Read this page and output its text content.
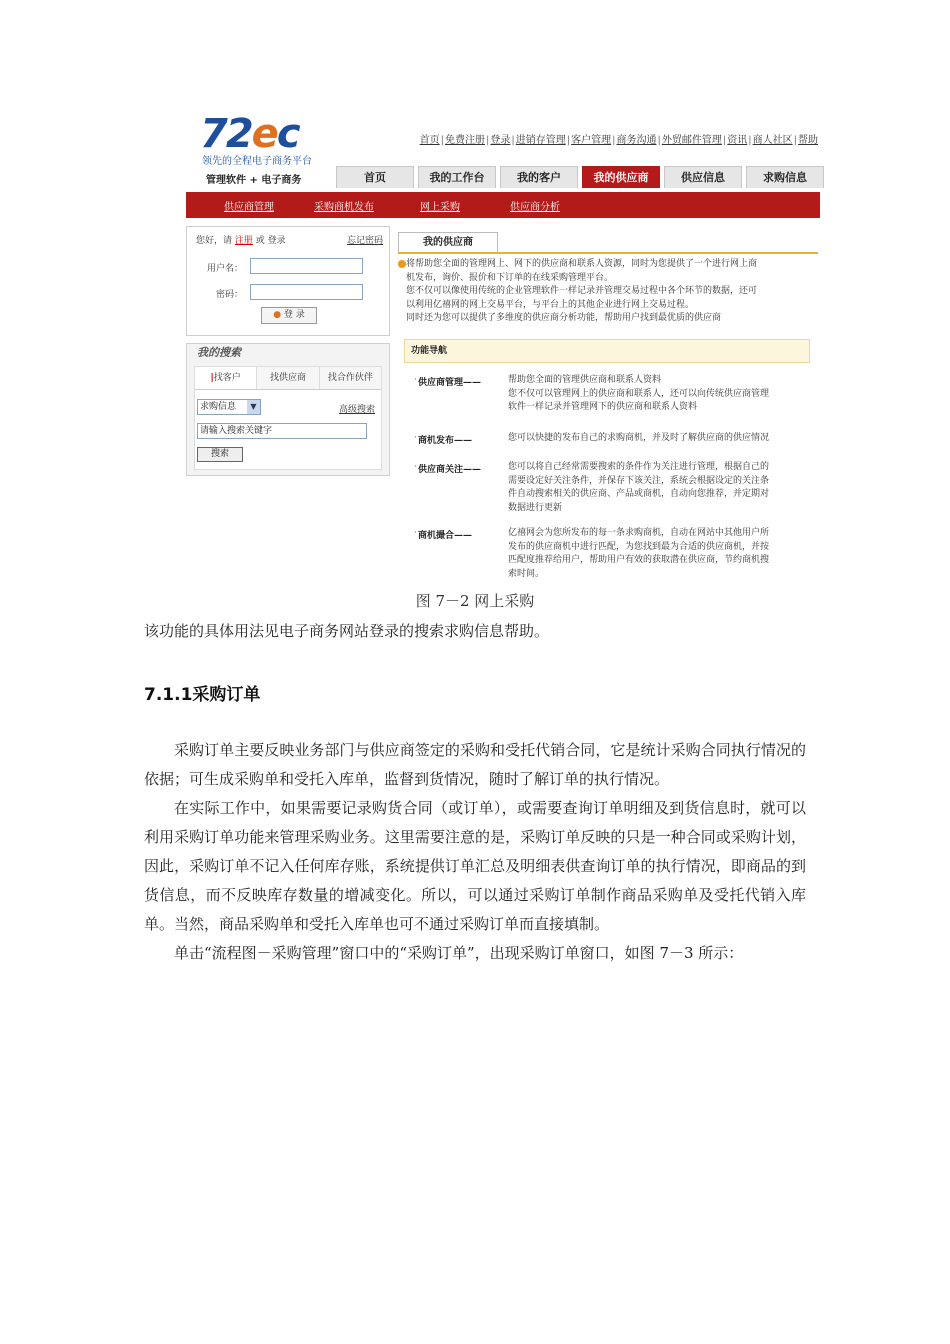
72ec
领先的全程电子商务平台
首页|免费注册|登录|进销存管理|客户管理|商务沟通|外贸邮件管理|资讯|商人社区|帮助
管理软件 + 电子商务	首页	我的工作台	我的客户	我的供应商	供应信息	求购信息
供应商管理	采购商机发布	网上采购	供应商分析
您好，请 注册 或 登录	忘记密码
用户名：
密码：
● 登 录
我的搜索
|找客户	找供应商	找合作伙伴
求购信息	▼	高级搜索
请输入搜索关键字
搜索
我的供应商

将帮助您全面的管理网上、网下的供应商和联系人资源，同时为您提供了一个进行网上商

机发布，询价、报价和下订单的在线采购管理平台。

您不仅可以像使用传统的企业管理软件一样记录并管理交易过程中各个环节的数据，还可

以利用亿禧网的网上交易平台，与平台上的其他企业进行网上交易过程。

同时还为您可以提供了多维度的供应商分析功能，帮助用户找到最优质的供应商

功能导航
· 供应商管理——	帮助您全面的管理供应商和联系人资料

您不仅可以管理网上的供应商和联系人，还可以向传统供应商管理

软件一样记录并管理网下的供应商和联系人资料

· 商机发布——	您可以快捷的发布自己的求购商机，并及时了解供应商的供应情况

· 供应商关注——	您可以将自己经常需要搜索的条件作为关注进行管理，根据自己的

需要设定好关注条件，并保存下该关注，系统会根据设定的关注条

件自动搜索相关的供应商、产品或商机，自动向您推荐，并定期对

数据进行更新

· 商机撮合——	亿禧网会为您所发布的每一条求购商机，自动在网站中其他用户所

发布的供应商机中进行匹配，为您找到最为合适的供应商机，并按

匹配度推荐给用户，帮助用户有效的获取潜在供应商，节约商机搜

索时间。

图 7－2 网上采购
该功能的具体用法见电子商务网站登录的搜索求购信息帮助。
7.1.1采购订单

采购订单主要反映业务部门与供应商签定的采购和受托代销合同，它是统计采购合同执行情况的依据；可生成采购单和受托入库单，监督到货情况，随时了解订单的执行情况。

在实际工作中，如果需要记录购货合同（或订单），或需要查询订单明细及到货信息时，就可以利用采购订单功能来管理采购业务。这里需要注意的是，采购订单反映的只是一种合同或采购计划，因此，采购订单不记入任何库存账，系统提供订单汇总及明细表供查询订单的执行情况，即商品的到货信息，而不反映库存数量的增减变化。所以，可以通过采购订单制作商品采购单及受托代销入库单。当然，商品采购单和受托入库单也可不通过采购订单而直接填制。

单击“流程图－采购管理”窗口中的“采购订单”，出现采购订单窗口，如图 7－3 所示：
